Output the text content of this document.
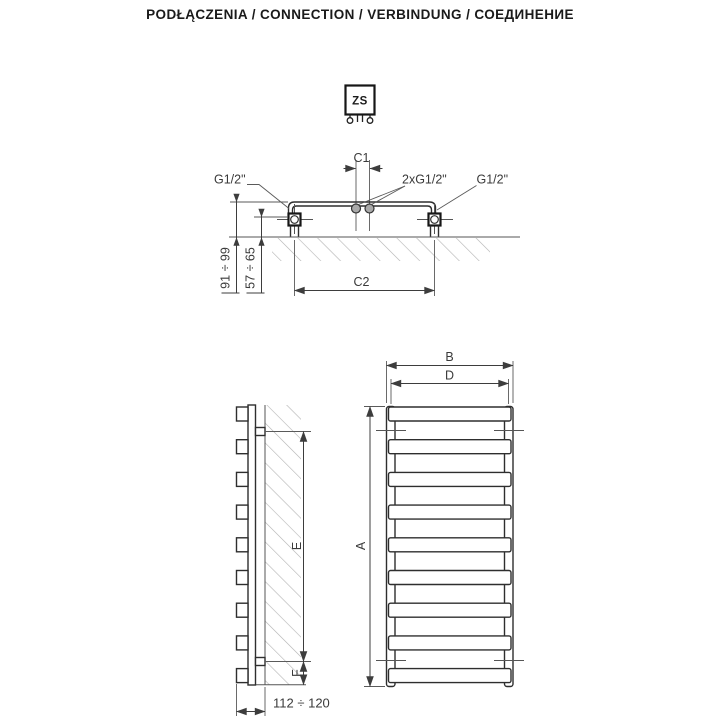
PODŁĄCZENIA / CONNECTION / VERBINDUNG / СОЕДИНЕНИЕ
ZS
C1
G1/2"	2xG1/2" G1/2"
91 ÷ 99 57 ÷ 65	C2
B
D
A
E
F
112 ÷ 120
